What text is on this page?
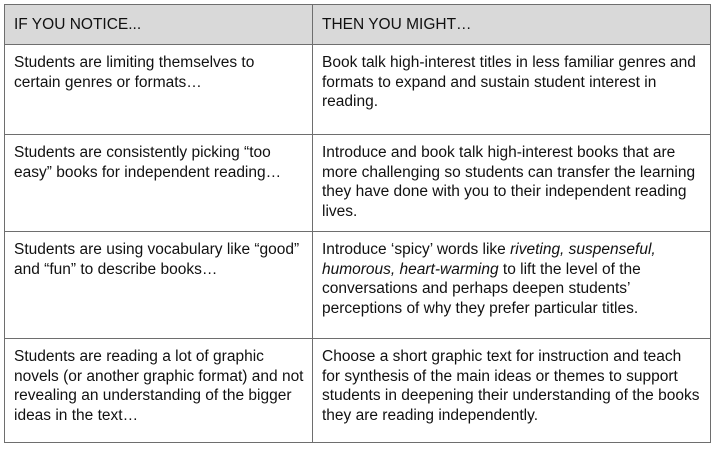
IF YOU NOTICE...	THEN YOU MIGHT…
Students are limiting themselves to certain genres or formats…	Book talk high-interest titles in less familiar genres and formats to expand and sustain student interest in reading.
Students are consistently picking “too easy” books for independent reading…	Introduce and book talk high-interest books that are more challenging so students can transfer the learning they have done with you to their independent reading lives.
Students are using vocabulary like “good” and “fun” to describe books…	Introduce ‘spicy’ words like riveting, suspenseful, humorous, heart-warming to lift the level of the conversations and perhaps deepen students’ perceptions of why they prefer particular titles.
Students are reading a lot of graphic novels (or another graphic format) and not revealing an understanding of the bigger ideas in the text…	Choose a short graphic text for instruction and teach for synthesis of the main ideas or themes to support students in deepening their understanding of the books they are reading independently.
